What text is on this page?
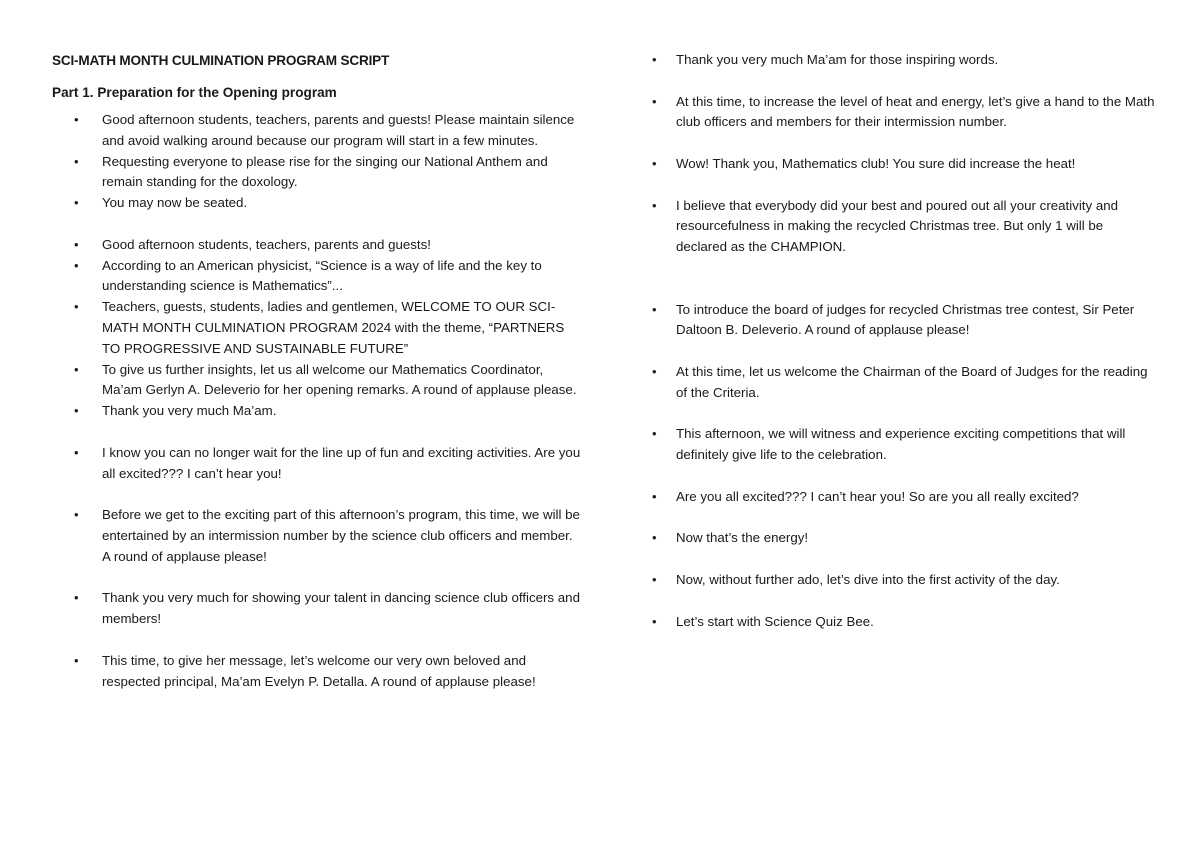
SCI-MATH MONTH CULMINATION PROGRAM SCRIPT
Part 1. Preparation for the Opening program
• Good afternoon students, teachers, parents and guests! Please maintain silence and avoid walking around because our program will start in a few minutes.
• Requesting everyone to please rise for the singing our National Anthem and remain standing for the doxology.
• You may now be seated.
• Good afternoon students, teachers, parents and guests!
• According to an American physicist, “Science is a way of life and the key to understanding science is Mathematics”...
• Teachers, guests, students, ladies and gentlemen, WELCOME TO OUR SCI-MATH MONTH CULMINATION PROGRAM 2024 with the theme, “PARTNERS TO PROGRESSIVE AND SUSTAINABLE FUTURE”
• To give us further insights, let us all welcome our Mathematics Coordinator, Ma’am Gerlyn A. Deleverio for her opening remarks. A round of applause please.
• Thank you very much Ma’am.
• I know you can no longer wait for the line up of fun and exciting activities. Are you all excited??? I can’t hear you!
• Before we get to the exciting part of this afternoon’s program, this time, we will be entertained by an intermission number by the science club officers and member. A round of applause please!
• Thank you very much for showing your talent in dancing science club officers and members!
• This time, to give her message, let’s welcome our very own beloved and respected principal, Ma’am Evelyn P. Detalla. A round of applause please!
• Thank you very much Ma’am for those inspiring words.
• At this time, to increase the level of heat and energy, let’s give a hand to the Math club officers and members for their intermission number.
• Wow! Thank you, Mathematics club! You sure did increase the heat!
• I believe that everybody did your best and poured out all your creativity and resourcefulness in making the recycled Christmas tree. But only 1 will be declared as the CHAMPION.
• To introduce the board of judges for recycled Christmas tree contest, Sir Peter Daltoon B. Deleverio. A round of applause please!
• At this time, let us welcome the Chairman of the Board of Judges for the reading of the Criteria.
• This afternoon, we will witness and experience exciting competitions that will definitely give life to the celebration.
• Are you all excited??? I can’t hear you! So are you all really excited?
• Now that’s the energy!
• Now, without further ado, let’s dive into the first activity of the day.
• Let’s start with Science Quiz Bee.
